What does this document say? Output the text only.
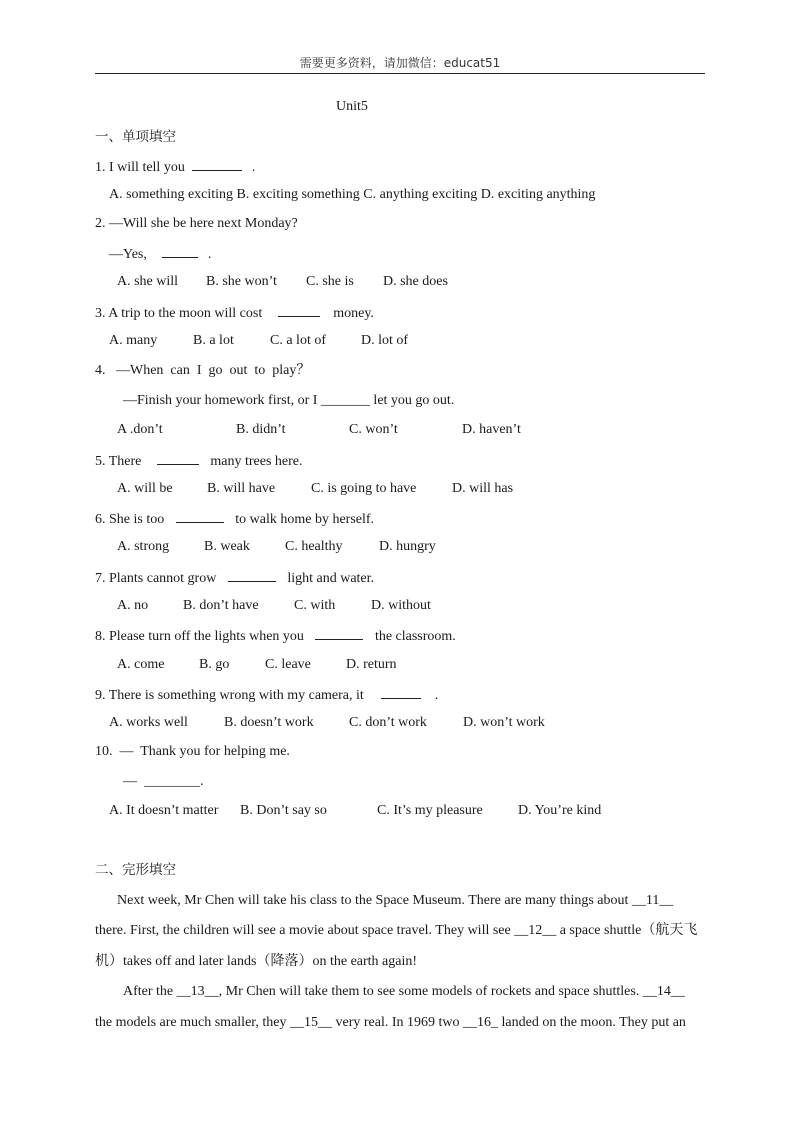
需要更多资料，请加微信：educat51
Unit5
一、单项填空
1. I will tell you	.
A. something exciting B. exciting something C. anything exciting D. exciting anything
2. —Will she be here next Monday?
—Yes,	.
A. she will B. she won’t C. she is D. she does
3. A trip to the moon will cost	money.
A. many	B. a lot	C. a lot of	D. lot of
4.   —When  can  I  go  out  to  play？
—Finish your homework first, or I _______ let you go out.
A .don’t	B. didn’t	C. won’t	D. haven’t
5. There	many trees here.
A. will be B. will have	C. is going to have	D. will has
6. She is too	to walk home by herself.
A. strong B. weak	C. healthy	D. hungry
7. Plants cannot grow	light and water.
A. no B. don’t have	C. with	D. without
8. Please turn off the lights when you	the classroom.
A. come B. go	C. leave	D. return
9. There is something wrong with my camera, it	.
A. works well	B. doesn’t work	C. don’t work	D. won’t work
10.  —  Thank you for helping me.
—  ________.
A. It doesn’t matter B. Don’t say so	C. It’s my pleasure	D. You’re kind
二、完形填空
Next week, Mr Chen will take his class to the Space Museum. There are many things about __11__
there. First, the children will see a movie about space travel. They will see __12__ a space shuttle（航天飞
机）takes off and later lands（降落）on the earth again!
After the __13__, Mr Chen will take them to see some models of rockets and space shuttles. __14__
the models are much smaller, they __15__ very real. In 1969 two __16_ landed on the moon. They put an
